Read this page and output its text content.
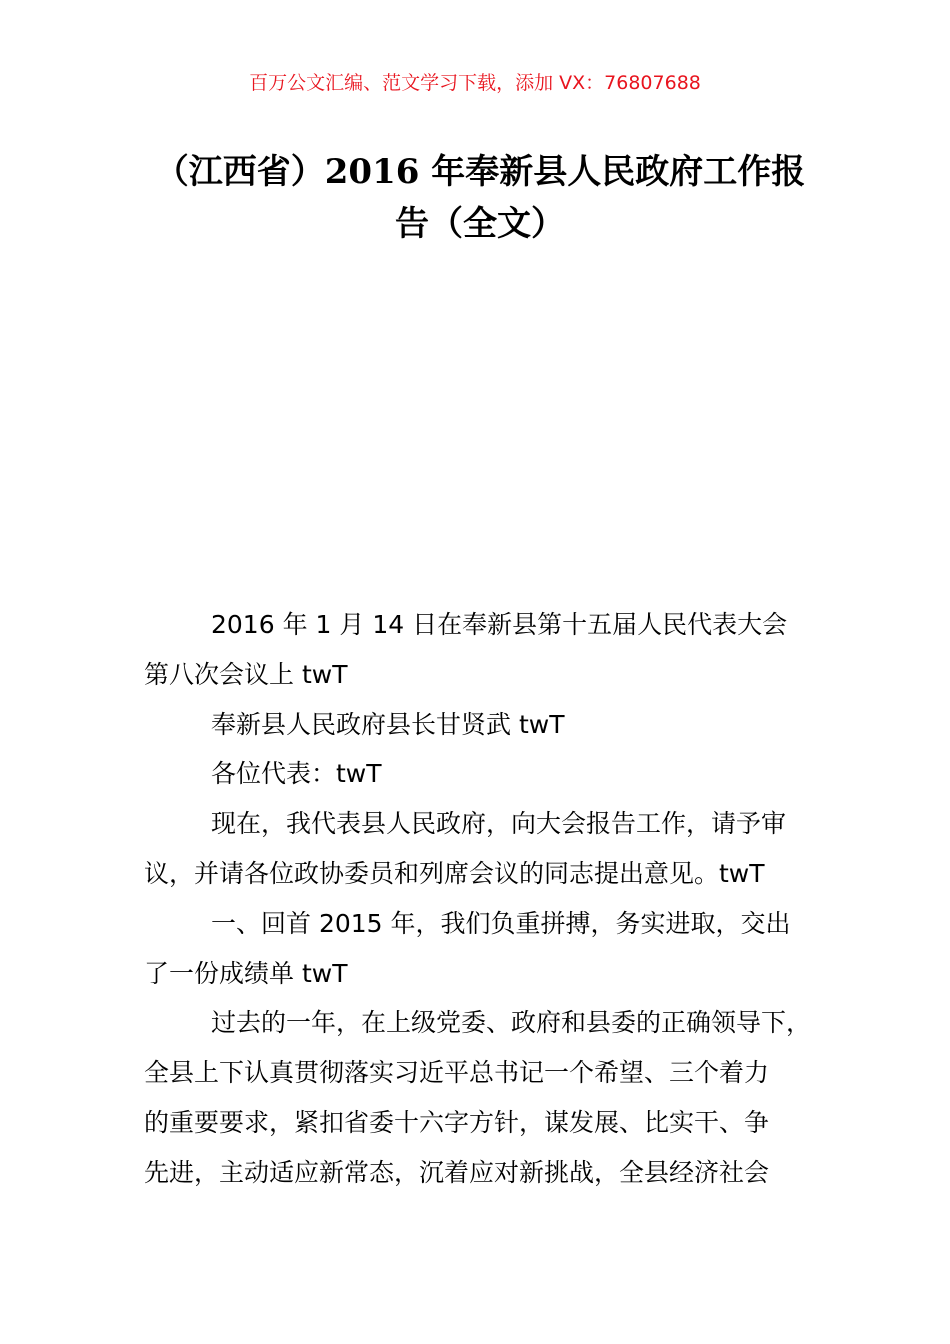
百万公文汇编、范文学习下载，添加 VX：76807688
（江西省）2016 年奉新县人民政府工作报
告（全文）
2016 年 1 月 14 日在奉新县第十五届人民代表大会
第八次会议上 twT
奉新县人民政府县长甘贤武 twT
各位代表：twT
现在，我代表县人民政府，向大会报告工作，请予审
议，并请各位政协委员和列席会议的同志提出意见。twT
一、回首 2015 年，我们负重拼搏，务实进取，交出
了一份成绩单 twT
过去的一年，在上级党委、政府和县委的正确领导下，
全县上下认真贯彻落实习近平总书记一个希望、三个着力
的重要要求，紧扣省委十六字方针，谋发展、比实干、争
先进，主动适应新常态，沉着应对新挑战，全县经济社会
